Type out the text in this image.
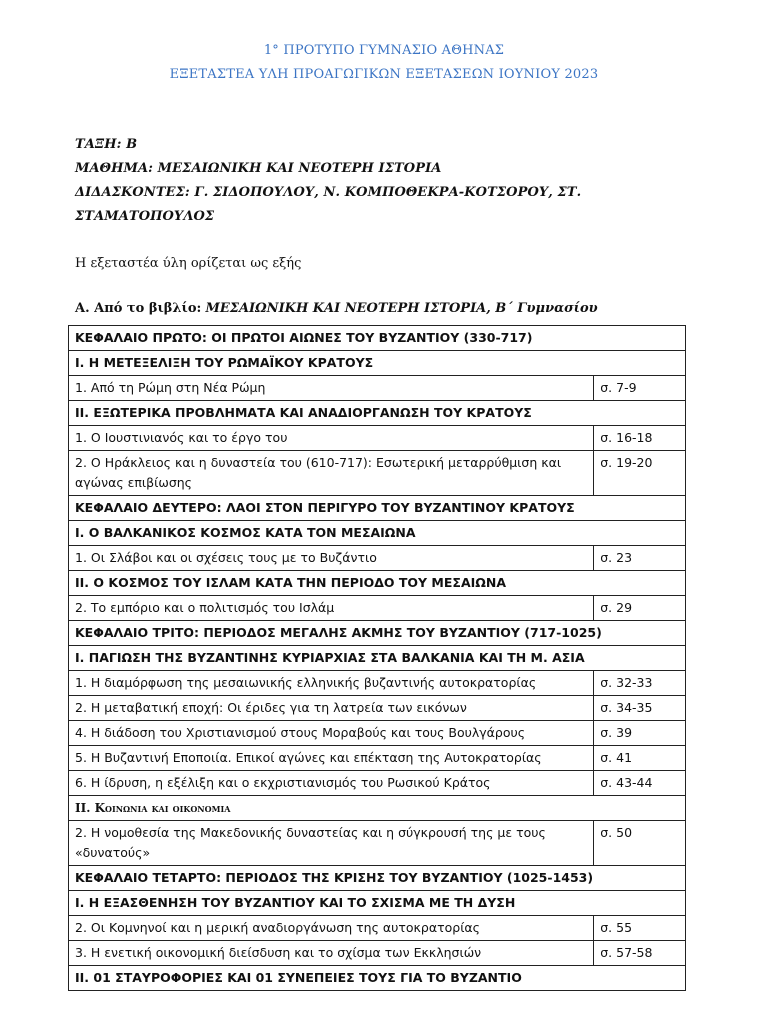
1° ΠΡΟΤΥΠΟ ΓΥΜΝΑΣΙΟ ΑΘΗΝΑΣ
ΕΞΕΤΑΣΤΕΑ ΥΛΗ ΠΡΟΑΓΩΓΙΚΩΝ ΕΞΕΤΑΣΕΩΝ ΙΟΥΝΙΟΥ 2023
ΤΑΞΗ: Β
ΜΑΘΗΜΑ: ΜΕΣΑΙΩΝΙΚΗ ΚΑΙ ΝΕΟΤΕΡΗ ΙΣΤΟΡΙΑ
ΔΙΔΑΣΚΟΝΤΕΣ: Γ. ΣΙΔΟΠΟΥΛΟΥ, Ν. ΚΟΜΠΟΘΕΚΡΑ-ΚΟΤΣΟΡΟΥ, ΣΤ.
ΣΤΑΜΑΤΟΠΟΥΛΟΣ
Η εξεταστέα ύλη ορίζεται ως εξής
Α. Από το βιβλίο: ΜΕΣΑΙΩΝΙΚΗ ΚΑΙ ΝΕΟΤΕΡΗ ΙΣΤΟΡΙΑ, Β΄ Γυμνασίου
ΚΕΦΑΛΑΙΟ ΠΡΩΤΟ: ΟΙ ΠΡΩΤΟΙ ΑΙΩΝΕΣ ΤΟΥ ΒΥΖΑΝΤΙΟΥ (330-717)	
Ι. Η ΜΕΤΕΞΕΛΙΞΗ ΤΟΥ ΡΩΜΑΪΚΟΥ ΚΡΑΤΟΥΣ	
1. Από τη Ρώμη στη Νέα Ρώμη	σ. 7-9
ΙΙ. ΕΞΩΤΕΡΙΚΑ ΠΡΟΒΛΗΜΑΤΑ ΚΑΙ ΑΝΑΔΙΟΡΓΑΝΩΣΗ ΤΟΥ ΚΡΑΤΟΥΣ	
1. Ο Ιουστινιανός και το έργο του	σ. 16-18
2. Ο Ηράκλειος και η δυναστεία του (610-717): Εσωτερική μεταρρύθμιση και αγώνας επιβίωσης	σ. 19-20
ΚΕΦΑΛΑΙΟ ΔΕΥΤΕΡΟ: ΛΑΟΙ ΣΤΟΝ ΠΕΡΙΓΥΡΟ ΤΟΥ ΒΥΖΑΝΤΙΝΟΥ ΚΡΑΤΟΥΣ	
Ι. Ο ΒΑΛΚΑΝΙΚΟΣ ΚΟΣΜΟΣ ΚΑΤΑ ΤΟΝ ΜΕΣΑΙΩΝΑ	
1. Οι Σλάβοι και οι σχέσεις τους με το Βυζάντιο	σ. 23
ΙΙ. Ο ΚΟΣΜΟΣ ΤΟΥ ΙΣΛΑΜ ΚΑΤΑ ΤΗΝ ΠΕΡΙΟΔΟ ΤΟΥ ΜΕΣΑΙΩΝΑ	
2. Το εμπόριο και ο πολιτισμός του Ισλάμ	σ. 29
ΚΕΦΑΛΑΙΟ ΤΡΙΤΟ: ΠΕΡΙΟΔΟΣ ΜΕΓΑΛΗΣ ΑΚΜΗΣ ΤΟΥ ΒΥΖΑΝΤΙΟΥ (717-1025)	
Ι. ΠΑΓΙΩΣΗ ΤΗΣ ΒΥΖΑΝΤΙΝΗΣ ΚΥΡΙΑΡΧΙΑΣ ΣΤΑ ΒΑΛΚΑΝΙΑ ΚΑΙ ΤΗ Μ. ΑΣΙΑ	
1. Η διαμόρφωση της μεσαιωνικής ελληνικής βυζαντινής αυτοκρατορίας	σ. 32-33
2. Η μεταβατική εποχή: Οι έριδες για τη λατρεία των εικόνων	σ. 34-35
4. Η διάδοση του Χριστιανισμού στους Μοραβούς και τους Βουλγάρους	σ. 39
5. Η Βυζαντινή Εποποιία. Επικοί αγώνες και επέκταση της Αυτοκρατορίας	σ. 41
6. Η ίδρυση, η εξέλιξη και ο εκχριστιανισμός του Ρωσικού Κράτος	σ. 43-44
ΙΙ. Κοινωνια και οικονομια	
2. Η νομοθεσία της Μακεδονικής δυναστείας και η σύγκρουσή της με τους «δυνατούς»	σ. 50
ΚΕΦΑΛΑΙΟ ΤΕΤΑΡΤΟ: ΠΕΡΙΟΔΟΣ ΤΗΣ ΚΡΙΣΗΣ ΤΟΥ ΒΥΖΑΝΤΙΟΥ (1025-1453)	
Ι. Η ΕΞΑΣΘΕΝΗΣΗ ΤΟΥ ΒΥΖΑΝΤΙΟΥ ΚΑΙ ΤΟ ΣΧΙΣΜΑ ΜΕ ΤΗ ΔΥΣΗ	
2. Οι Κομνηνοί και η μερική αναδιοργάνωση της αυτοκρατορίας	σ. 55
3. Η ενετική οικονομική διείσδυση και το σχίσμα των Εκκλησιών	σ. 57-58
ΙΙ. 01 ΣΤΑΥΡΟΦΟΡΙΕΣ ΚΑΙ 01 ΣΥΝΕΠΕΙΕΣ ΤΟΥΣ ΓΙΑ ΤΟ ΒΥΖΑΝΤΙΟ	
